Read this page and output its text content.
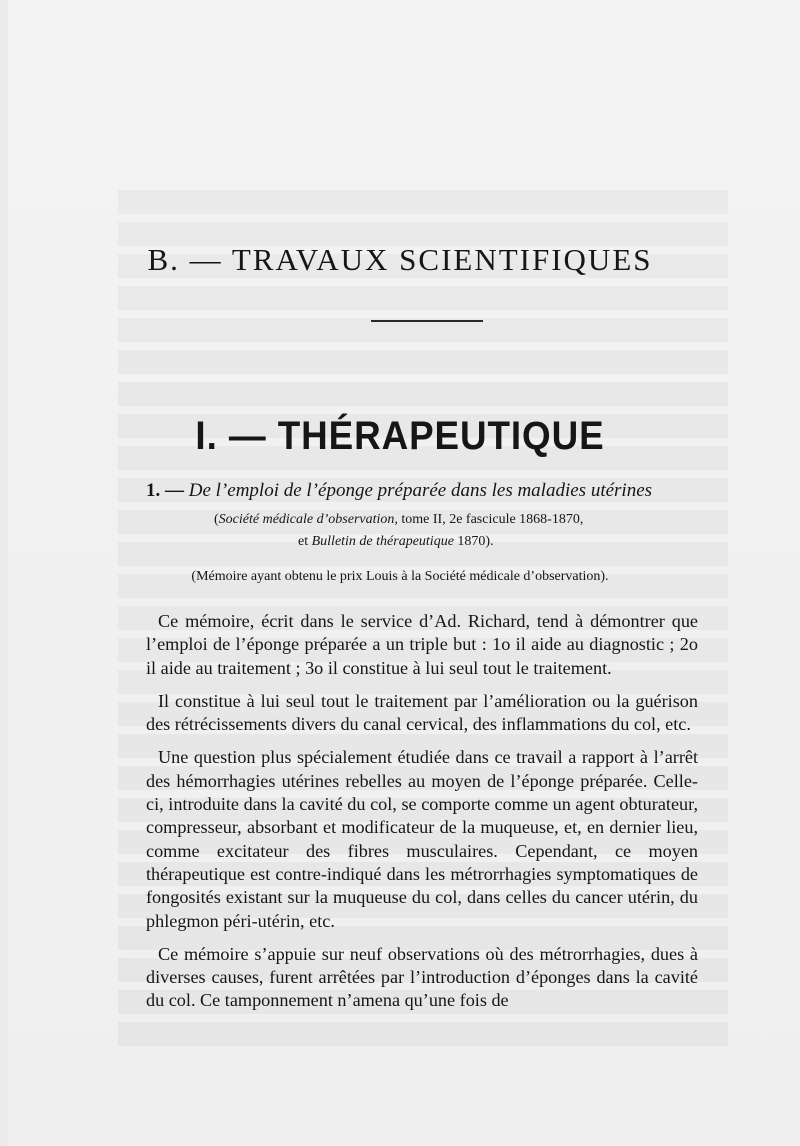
B. — TRAVAUX SCIENTIFIQUES
I. — THÉRAPEUTIQUE
1. — De l’emploi de l’éponge préparée dans les maladies utérines
(Société médicale d’observation, tome II, 2e fascicule 1868-1870,
et Bulletin de thérapeutique 1870).
(Mémoire ayant obtenu le prix Louis à la Société médicale d’observation).

Ce mémoire, écrit dans le service d’Ad. Richard, tend à démontrer que l’emploi de l’éponge préparée a un triple but : 1o il aide au diagnostic ; 2o il aide au traitement ; 3o il constitue à lui seul tout le traitement.

Il constitue à lui seul tout le traitement par l’amélioration ou la guérison des rétrécissements divers du canal cervical, des inflammations du col, etc.

Une question plus spécialement étudiée dans ce travail a rapport à l’arrêt des hémorrhagies utérines rebelles au moyen de l’éponge préparée. Celle-ci, introduite dans la cavité du col, se comporte comme un agent obturateur, compresseur, absorbant et modificateur de la muqueuse, et, en dernier lieu, comme excitateur des fibres musculaires. Cependant, ce moyen thérapeutique est contre-indiqué dans les métrorrhagies symptomatiques de fongosités existant sur la muqueuse du col, dans celles du cancer utérin, du phlegmon péri-utérin, etc.

Ce mémoire s’appuie sur neuf observations où des métrorrhagies, dues à diverses causes, furent arrêtées par l’introduction d’éponges dans la cavité du col. Ce tamponnement n’amena qu’une fois de
